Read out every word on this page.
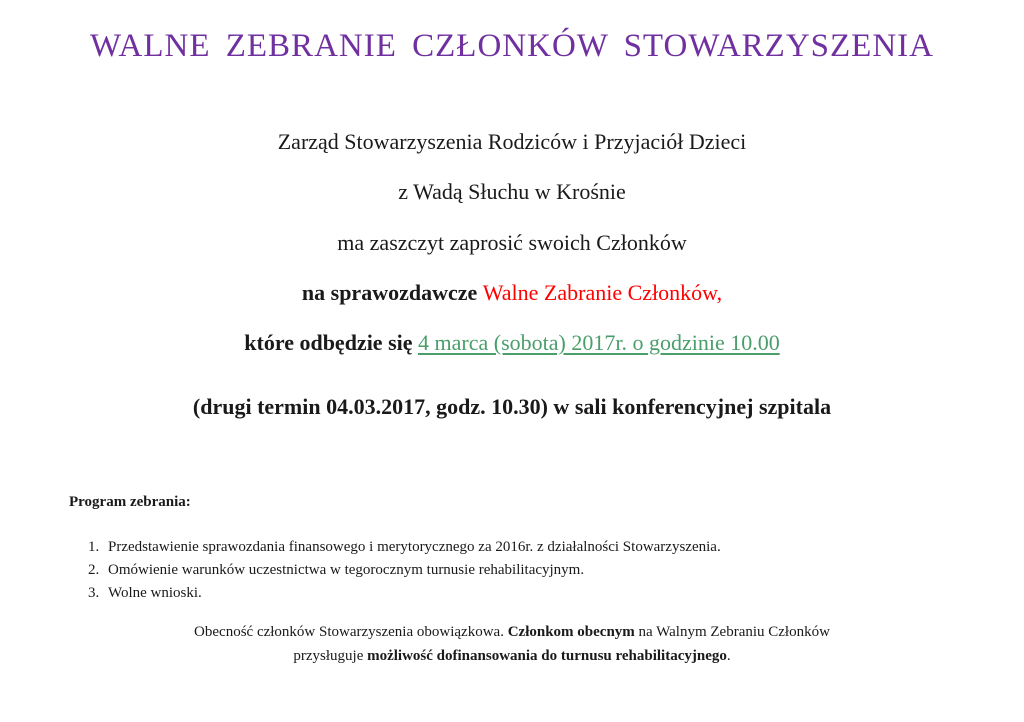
WALNE ZEBRANIE CZŁONKÓW STOWARZYSZENIA
Zarząd Stowarzyszenia Rodziców i Przyjaciół Dzieci
z Wadą Słuchu w Krośnie
ma zaszczyt zaprosić swoich Członków
na sprawozdawcze Walne Zabranie Członków,
które odbędzie się 4 marca (sobota) 2017r. o godzinie 10.00
(drugi termin 04.03.2017, godz. 10.30) w sali konferencyjnej szpitala
Program zebrania:
1. Przedstawienie sprawozdania finansowego i merytorycznego za 2016r. z działalności Stowarzyszenia.
2. Omówienie warunków uczestnictwa w tegorocznym turnusie rehabilitacyjnym.
3. Wolne wnioski.
Obecność członków Stowarzyszenia obowiązkowa. Członkom obecnym na Walnym Zebraniu Członków
przysługuje możliwość dofinansowania do turnusu rehabilitacyjnego.
